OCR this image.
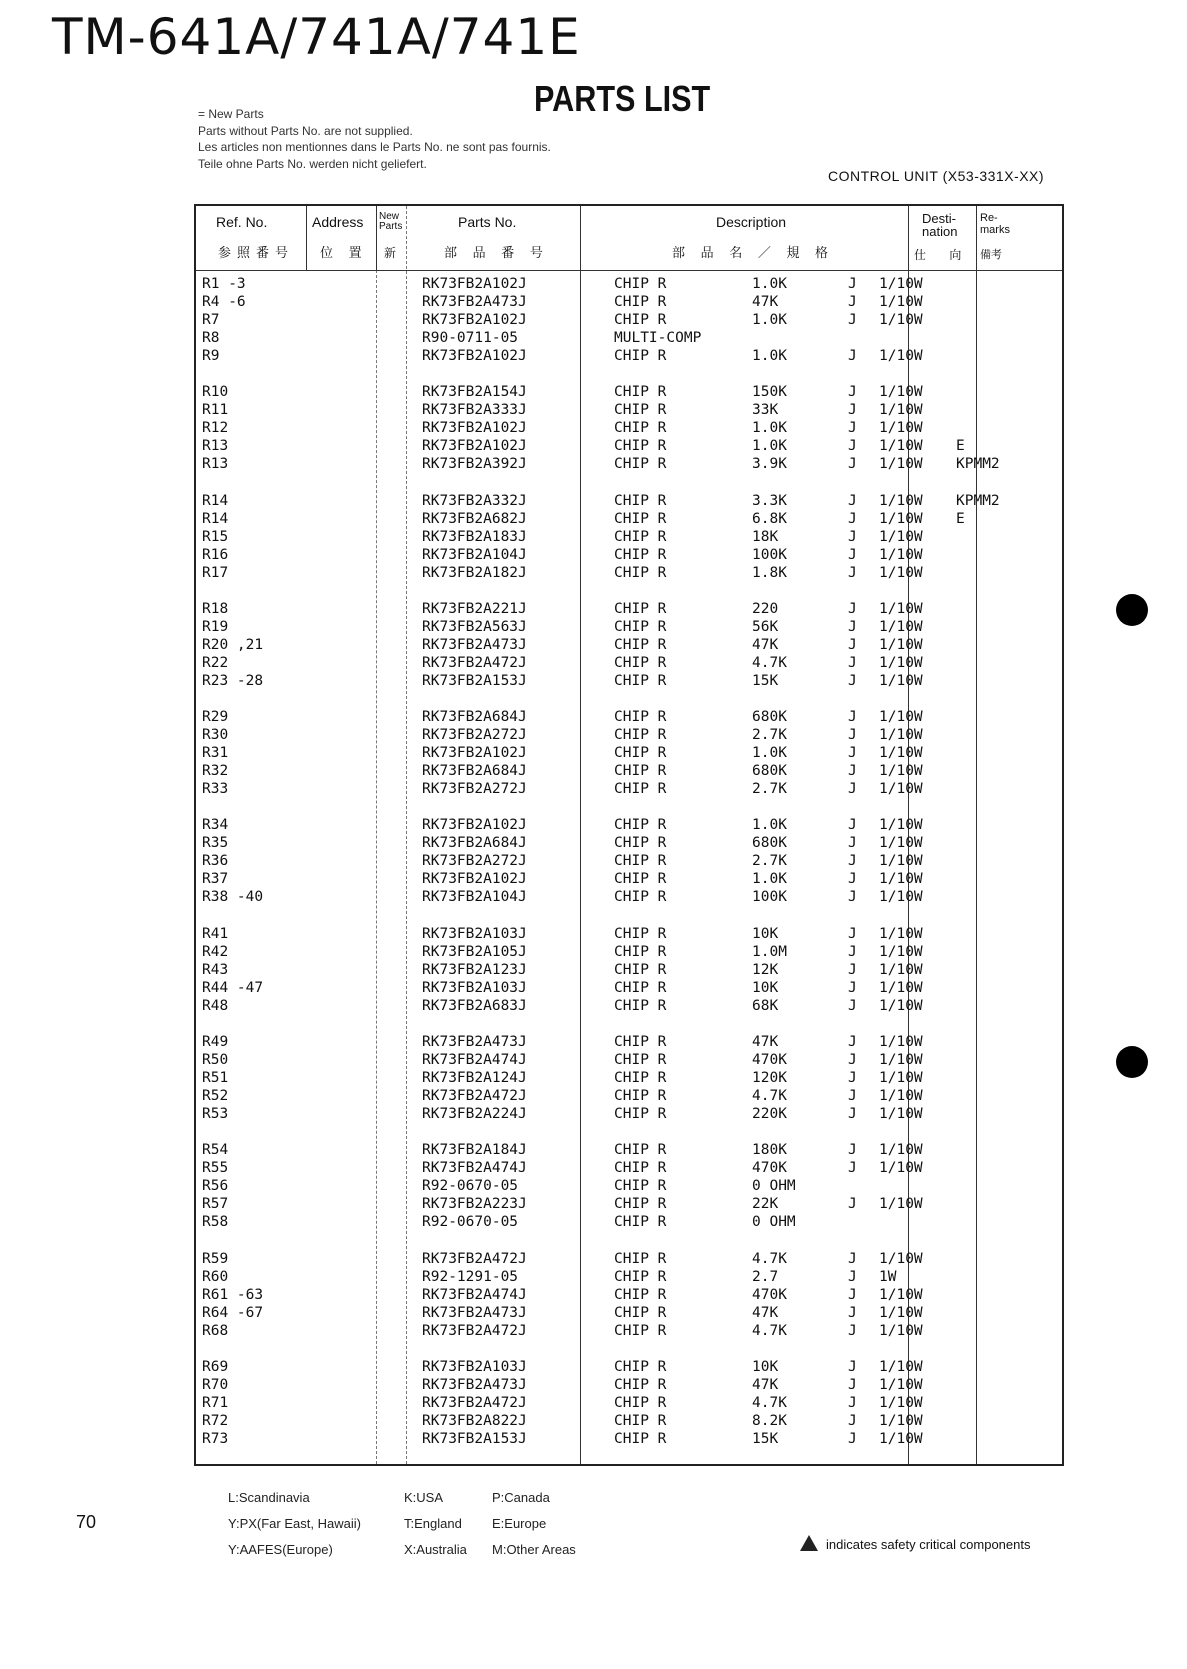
TM-641A/741A/741E
PARTS LIST
= New Parts
Parts without Parts No. are not supplied.
Les articles non mentionnes dans le Parts No. ne sont pas fournis.
Teile ohne Parts No. werden nicht geliefert.
CONTROL UNIT (X53-331X-XX)
Ref. No.
参照番号
Address
位 置
New Parts
新
Parts No.
部 品 番 号
Description
部 品 名 ／ 規 格
Desti- nation
仕 向
Re- marks
備考
R1 -3	RK73FB2A102J	CHIP R	1.0K	J 1/10W
R4 -6	RK73FB2A473J	CHIP R	47K	J 1/10W
R7	RK73FB2A102J	CHIP R	1.0K	J 1/10W
R8	R90-0711-05	MULTI-COMP
R9	RK73FB2A102J	CHIP R	1.0K	J 1/10W
R10	RK73FB2A154J	CHIP R	150K	J 1/10W
R11	RK73FB2A333J	CHIP R	33K	J 1/10W
R12	RK73FB2A102J	CHIP R	1.0K	J 1/10W
R13	RK73FB2A102J	CHIP R	1.0K	J 1/10W E
R13	RK73FB2A392J	CHIP R	3.9K	J 1/10W KPMM2
R14	RK73FB2A332J	CHIP R	3.3K	J 1/10W KPMM2
R14	RK73FB2A682J	CHIP R	6.8K	J 1/10W E
R15	RK73FB2A183J	CHIP R	18K	J 1/10W
R16	RK73FB2A104J	CHIP R	100K	J 1/10W
R17	RK73FB2A182J	CHIP R	1.8K	J 1/10W
R18	RK73FB2A221J	CHIP R	220	J 1/10W
R19	RK73FB2A563J	CHIP R	56K	J 1/10W
R20 ,21	RK73FB2A473J	CHIP R	47K	J 1/10W
R22	RK73FB2A472J	CHIP R	4.7K	J 1/10W
R23 -28	RK73FB2A153J	CHIP R	15K	J 1/10W
R29	RK73FB2A684J	CHIP R	680K	J 1/10W
R30	RK73FB2A272J	CHIP R	2.7K	J 1/10W
R31	RK73FB2A102J	CHIP R	1.0K	J 1/10W
R32	RK73FB2A684J	CHIP R	680K	J 1/10W
R33	RK73FB2A272J	CHIP R	2.7K	J 1/10W
R34	RK73FB2A102J	CHIP R	1.0K	J 1/10W
R35	RK73FB2A684J	CHIP R	680K	J 1/10W
R36	RK73FB2A272J	CHIP R	2.7K	J 1/10W
R37	RK73FB2A102J	CHIP R	1.0K	J 1/10W
R38 -40	RK73FB2A104J	CHIP R	100K	J 1/10W
R41	RK73FB2A103J	CHIP R	10K	J 1/10W
R42	RK73FB2A105J	CHIP R	1.0M	J 1/10W
R43	RK73FB2A123J	CHIP R	12K	J 1/10W
R44 -47	RK73FB2A103J	CHIP R	10K	J 1/10W
R48	RK73FB2A683J	CHIP R	68K	J 1/10W
R49	RK73FB2A473J	CHIP R	47K	J 1/10W
R50	RK73FB2A474J	CHIP R	470K	J 1/10W
R51	RK73FB2A124J	CHIP R	120K	J 1/10W
R52	RK73FB2A472J	CHIP R	4.7K	J 1/10W
R53	RK73FB2A224J	CHIP R	220K	J 1/10W
R54	RK73FB2A184J	CHIP R	180K	J 1/10W
R55	RK73FB2A474J	CHIP R	470K	J 1/10W
R56	R92-0670-05	CHIP R	0 OHM
R57	RK73FB2A223J	CHIP R	22K	J 1/10W
R58	R92-0670-05	CHIP R	0 OHM
R59	RK73FB2A472J	CHIP R	4.7K	J 1/10W
R60	R92-1291-05	CHIP R	2.7	J 1W
R61 -63	RK73FB2A474J	CHIP R	470K	J 1/10W
R64 -67	RK73FB2A473J	CHIP R	47K	J 1/10W
R68	RK73FB2A472J	CHIP R	4.7K	J 1/10W
R69	RK73FB2A103J	CHIP R	10K	J 1/10W
R70	RK73FB2A473J	CHIP R	47K	J 1/10W
R71	RK73FB2A472J	CHIP R	4.7K	J 1/10W
R72	RK73FB2A822J	CHIP R	8.2K	J 1/10W
R73	RK73FB2A153J	CHIP R	15K	J 1/10W
70
L:Scandinavia	K:USA	P:Canada
Y:PX(Far East, Hawaii)	T:England E:Europe
Y:AAFES(Europe)	X:Australia M:Other Areas	indicates safety critical components
